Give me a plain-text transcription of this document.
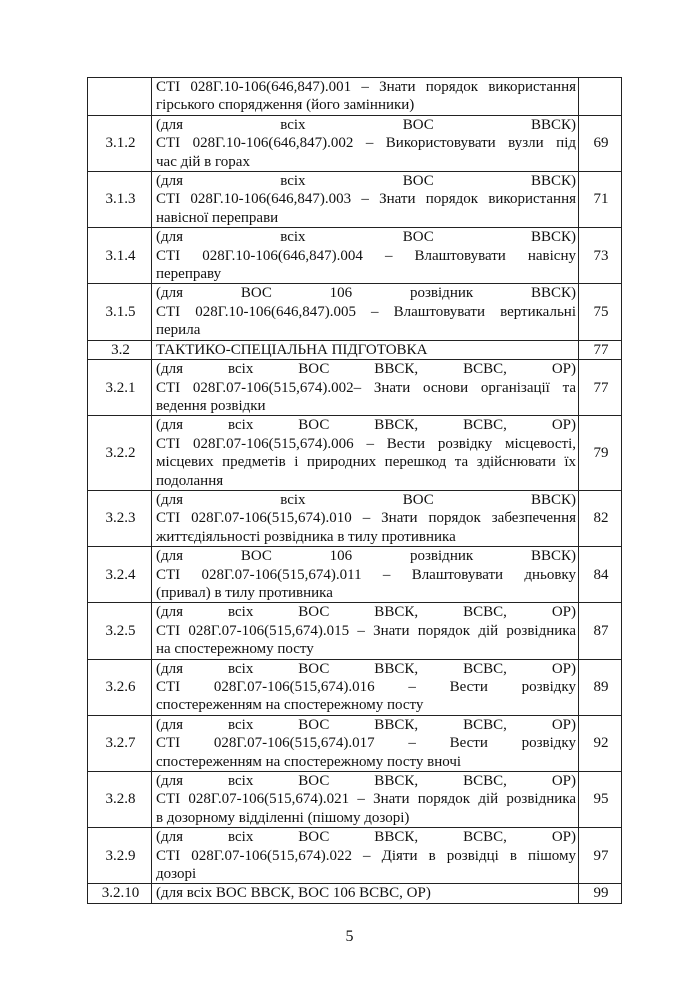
	СТІ 028Г.10-106(646,847).001 – Знати порядок використання
гірського спорядження (його замінники)	

3.1.2	(для всіх ВОС ВВСК)
СТІ 028Г.10-106(646,847).002 – Використовувати вузли під
час дій в горах	69
3.1.3	(для всіх ВОС ВВСК)
СТІ 028Г.10-106(646,847).003 – Знати порядок використання
навісної переправи	71
3.1.4	(для всіх ВОС ВВСК)
СТІ 028Г.10-106(646,847).004 – Влаштовувати навісну
переправу	73
3.1.5	(для ВОС 106 розвідник ВВСК)
СТІ 028Г.10-106(646,847).005 – Влаштовувати вертикальні
перила	75
3.2	ТАКТИКО-СПЕЦІАЛЬНА ПІДГОТОВКА	77
3.2.1	(для всіх ВОС ВВСК, ВСВС, ОР)
СТІ 028Г.07-106(515,674).002– Знати основи організації та
ведення розвідки	77
3.2.2	(для всіх ВОС ВВСК, ВСВС, ОР)
СТІ 028Г.07-106(515,674).006 – Вести розвідку місцевості,
місцевих предметів і природних перешкод та здійснювати їх
подолання	79
3.2.3	(для всіх ВОС ВВСК)
СТІ 028Г.07-106(515,674).010 – Знати порядок забезпечення
життєдіяльності розвідника в тилу противника	82
3.2.4	(для ВОС 106 розвідник ВВСК)
СТІ 028Г.07-106(515,674).011 – Влаштовувати дньовку
(привал) в тилу противника	84
3.2.5	(для всіх ВОС ВВСК, ВСВС, ОР)
СТІ 028Г.07-106(515,674).015 – Знати порядок дій розвідника
на спостережному посту	87
3.2.6	(для всіх ВОС ВВСК, ВСВС, ОР)
СТІ 028Г.07-106(515,674).016 – Вести розвідку
спостереженням на спостережному посту	89
3.2.7	(для всіх ВОС ВВСК, ВСВС, ОР)
СТІ 028Г.07-106(515,674).017 – Вести розвідку
спостереженням на спостережному посту вночі	92
3.2.8	(для всіх ВОС ВВСК, ВСВС, ОР)
СТІ 028Г.07-106(515,674).021 – Знати порядок дій розвідника
в дозорному відділенні (пішому дозорі)	95
3.2.9	(для всіх ВОС ВВСК, ВСВС, ОР)
СТІ 028Г.07-106(515,674).022 – Діяти в розвідці в пішому
дозорі	97
3.2.10	(для всіх ВОС ВВСК, ВОС 106 ВСВС, ОР)	99
5
